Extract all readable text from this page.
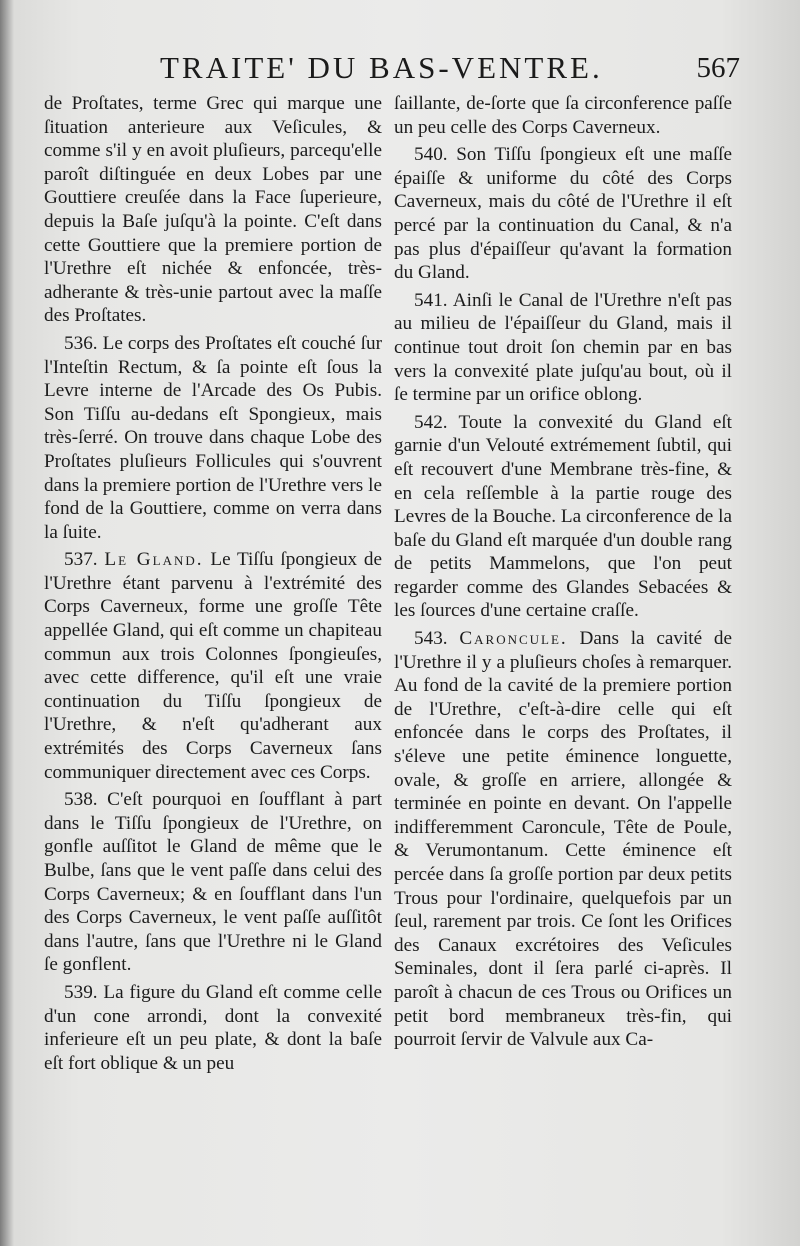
TRAITE' DU BAS-VENTRE.	567

de Proſtates, terme Grec qui marque une ſituation anterieure aux Veſicules, & comme s'il y en avoit pluſieurs, parcequ'elle paroît diſtinguée en deux Lobes par une Gouttiere creuſée dans la Face ſuperieure, depuis la Baſe juſqu'à la pointe. C'eſt dans cette Gouttiere que la premiere portion de l'Urethre eſt nichée & enfoncée, très-adherante & très-unie partout avec la maſſe des Proſtates.

536. Le corps des Proſtates eſt couché ſur l'Inteſtin Rectum, & ſa pointe eſt ſous la Levre interne de l'Arcade des Os Pubis. Son Tiſſu au-dedans eſt Spongieux, mais très-ſerré. On trouve dans chaque Lobe des Proſtates pluſieurs Follicules qui s'ouvrent dans la premiere portion de l'Urethre vers le fond de la Gouttiere, comme on verra dans la ſuite.

537. Le Gland. Le Tiſſu ſpongieux de l'Urethre étant parvenu à l'extrémité des Corps Caverneux, forme une groſſe Tête appellée Gland, qui eſt comme un chapiteau commun aux trois Colonnes ſpongieuſes, avec cette difference, qu'il eſt une vraie continuation du Tiſſu ſpongieux de l'Urethre, & n'eſt qu'adherant aux extrémités des Corps Caverneux ſans communiquer directement avec ces Corps.

538. C'eſt pourquoi en ſoufflant à part dans le Tiſſu ſpongieux de l'Urethre, on gonfle auſſitot le Gland de même que le Bulbe, ſans que le vent paſſe dans celui des Corps Caverneux; & en ſoufflant dans l'un des Corps Caverneux, le vent paſſe auſſitôt dans l'autre, ſans que l'Urethre ni le Gland ſe gonflent.

539. La figure du Gland eſt comme celle d'un cone arrondi, dont la convexité inferieure eſt un peu plate, & dont la baſe eſt fort oblique & un peu

ſaillante, de-ſorte que ſa circonference paſſe un peu celle des Corps Caverneux.

540. Son Tiſſu ſpongieux eſt une maſſe épaiſſe & uniforme du côté des Corps Caverneux, mais du côté de l'Urethre il eſt percé par la continuation du Canal, & n'a pas plus d'épaiſſeur qu'avant la formation du Gland.

541. Ainſi le Canal de l'Urethre n'eſt pas au milieu de l'épaiſſeur du Gland, mais il continue tout droit ſon chemin par en bas vers la convexité plate juſqu'au bout, où il ſe termine par un orifice oblong.

542. Toute la convexité du Gland eſt garnie d'un Velouté extrémement ſubtil, qui eſt recouvert d'une Membrane très-fine, & en cela reſſemble à la partie rouge des Levres de la Bouche. La circonference de la baſe du Gland eſt marquée d'un double rang de petits Mammelons, que l'on peut regarder comme des Glandes Sebacées & les ſources d'une certaine craſſe.

543. Caroncule. Dans la cavité de l'Urethre il y a pluſieurs choſes à remarquer. Au fond de la cavité de la premiere portion de l'Urethre, c'eſt-à-dire celle qui eſt enfoncée dans le corps des Proſtates, il s'éleve une petite éminence longuette, ovale, & groſſe en arriere, allongée & terminée en pointe en devant. On l'appelle indifferemment Caroncule, Tête de Poule, & Verumontanum. Cette éminence eſt percée dans ſa groſſe portion par deux petits Trous pour l'ordinaire, quelquefois par un ſeul, rarement par trois. Ce ſont les Orifices des Canaux excrétoires des Veſicules Seminales, dont il ſera parlé ci-après. Il paroît à chacun de ces Trous ou Orifices un petit bord membraneux très-fin, qui pourroit ſervir de Valvule aux Ca-
